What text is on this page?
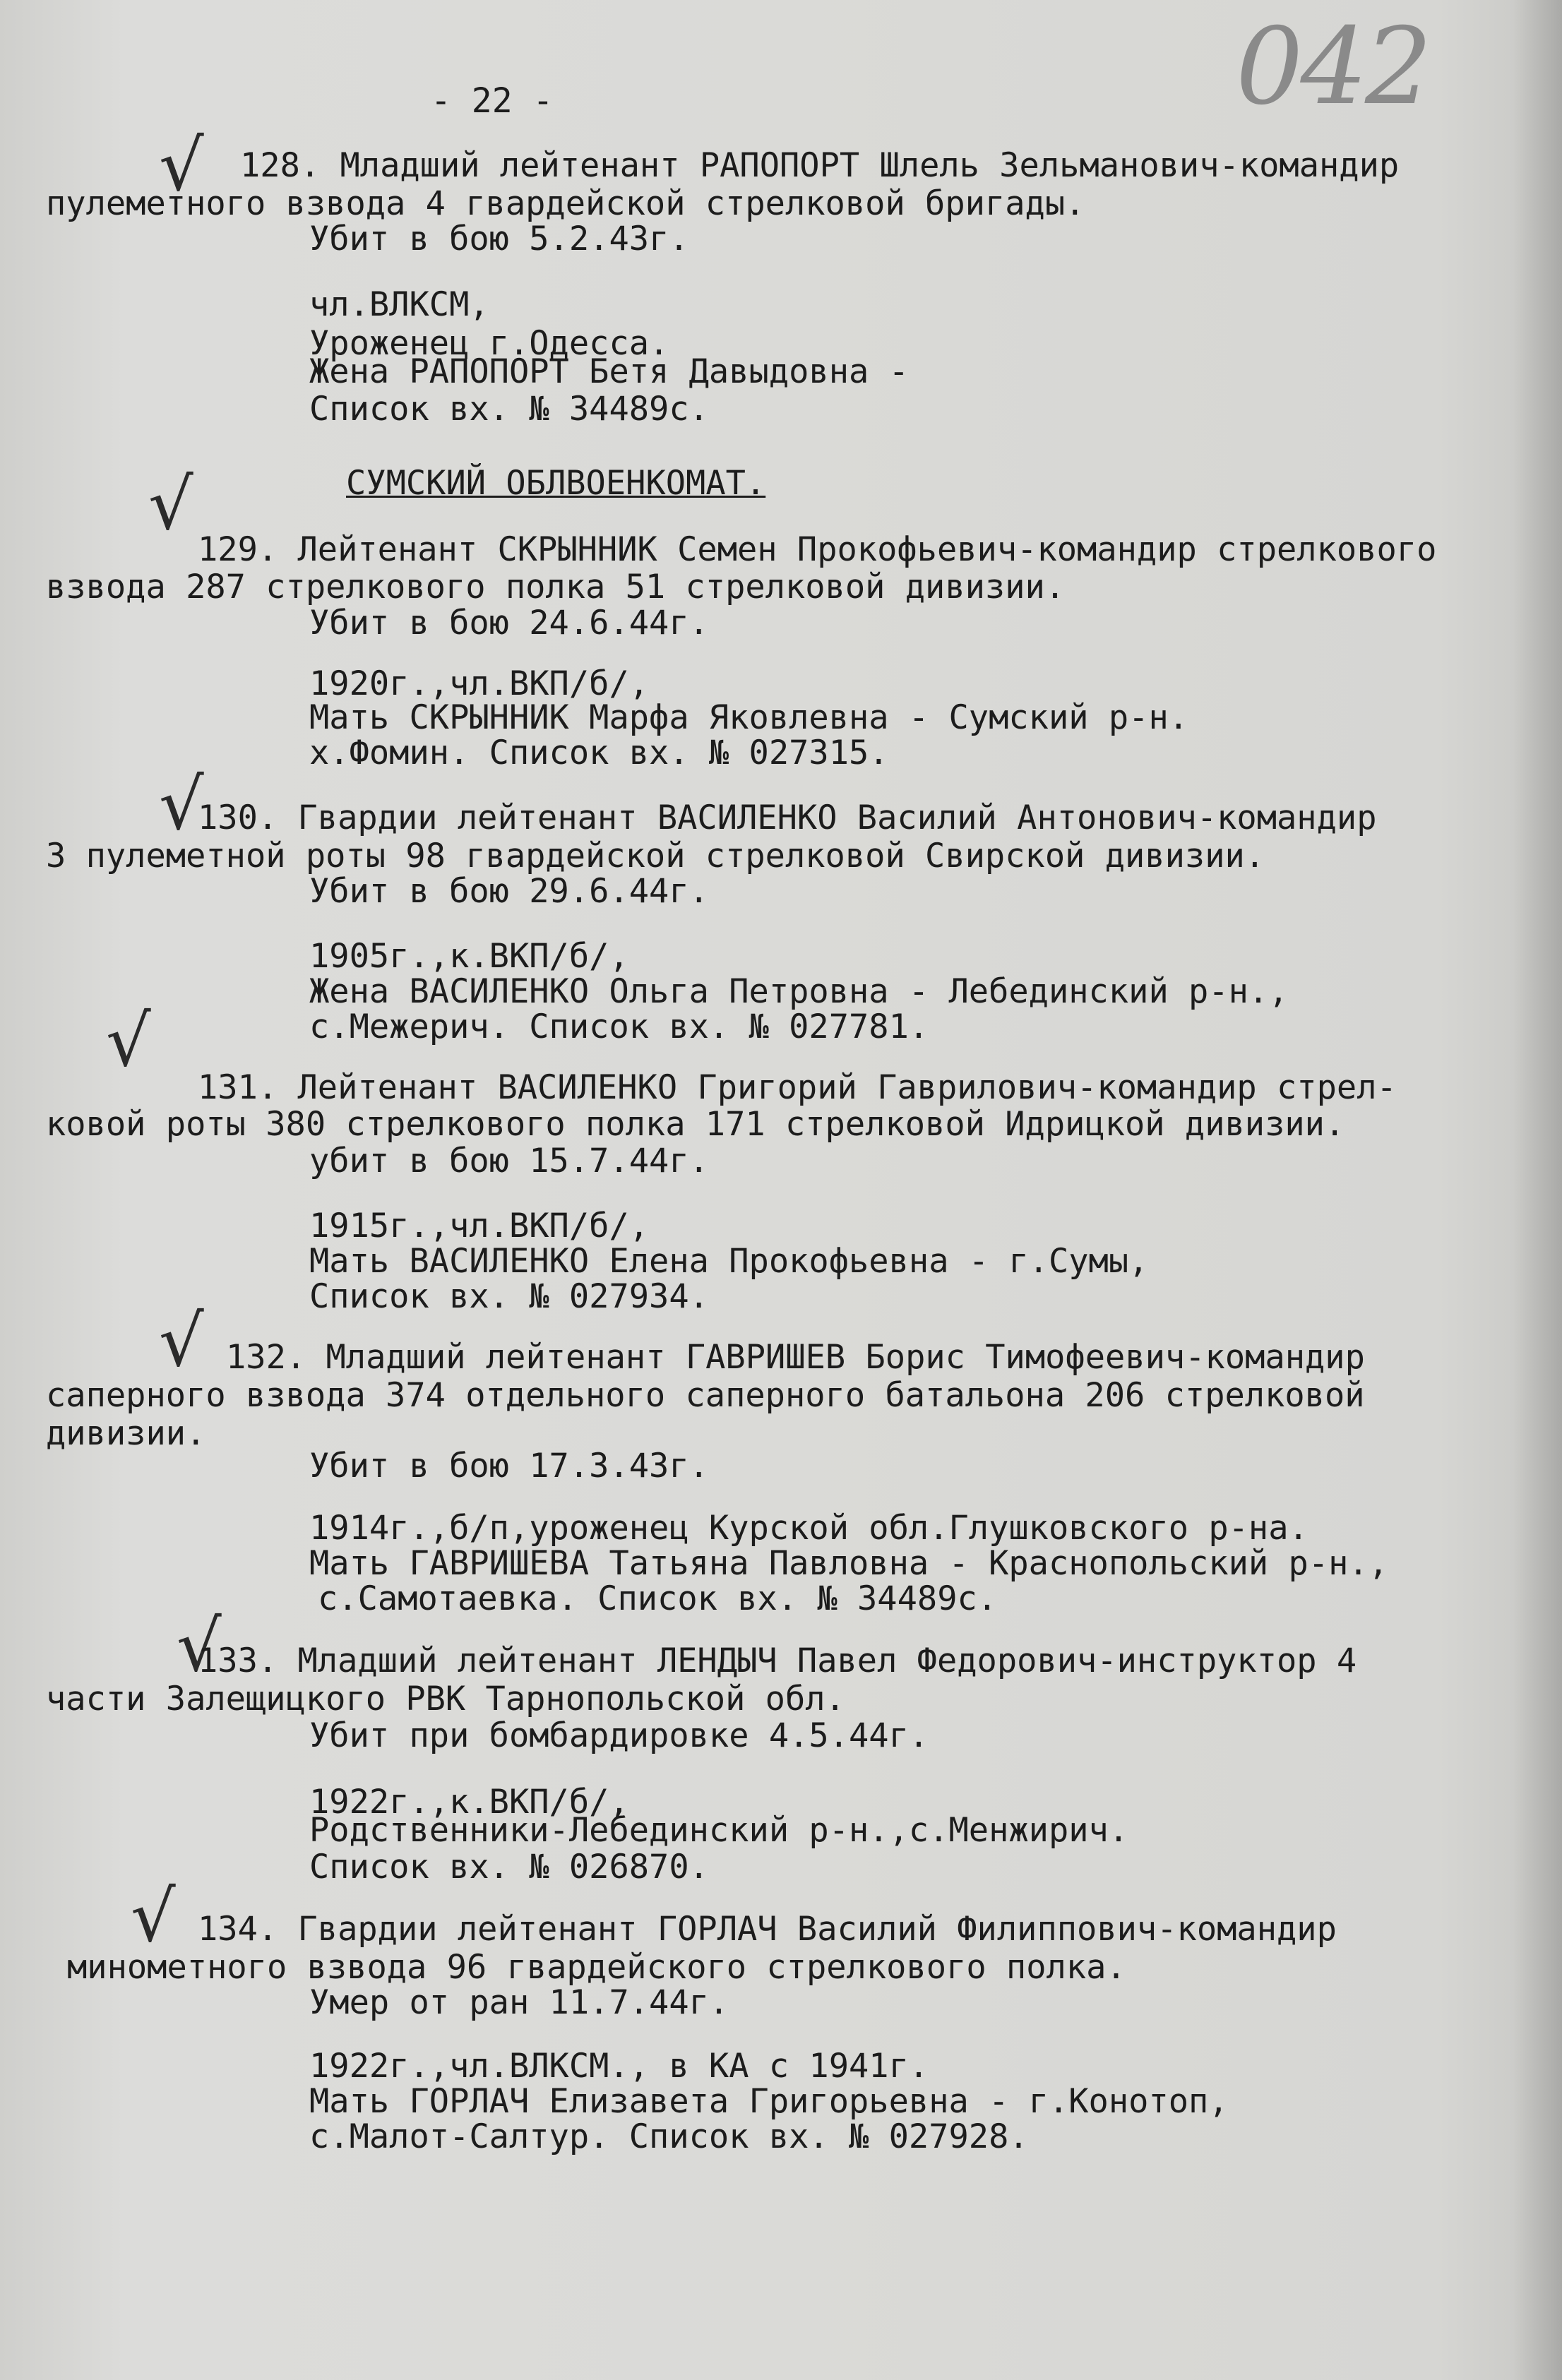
042
- 22 -
√
√
√
√
√
√
√
128. Младший лейтенант РАПОПОРТ Шлель Зельманович-командир
пулеметного взвода 4 гвардейской стрелковой бригады.
Убит в бою 5.2.43г.
чл.ВЛКСМ,
Уроженец г.Одесса.
Жена РАПОПОРТ Бетя Давыдовна -
Список вх. № 34489с.
СУМСКИЙ ОБЛВОЕНКОМАТ.
129. Лейтенант СКРЫННИК Семен Прокофьевич-командир стрелкового
взвода 287 стрелкового полка 51 стрелковой дивизии.
Убит в бою 24.6.44г.
1920г.,чл.ВКП/б/,
Мать СКРЫННИК Марфа Яковлевна - Сумский р-н.
х.Фомин. Список вх. № 027315.
130. Гвардии лейтенант ВАСИЛЕНКО Василий Антонович-командир
3 пулеметной роты 98 гвардейской стрелковой Свирской дивизии.
Убит в бою 29.6.44г.
1905г.,к.ВКП/б/,
Жена ВАСИЛЕНКО Ольга Петровна - Лебединский р-н.,
с.Межерич. Список вх. № 027781.
131. Лейтенант ВАСИЛЕНКО Григорий Гаврилович-командир стрел-
ковой роты 380 стрелкового полка 171 стрелковой Идрицкой дивизии.
убит в бою 15.7.44г.
1915г.,чл.ВКП/б/,
Мать ВАСИЛЕНКО Елена Прокофьевна - г.Сумы,
Список вх. № 027934.
132. Младший лейтенант ГАВРИШЕВ Борис Тимофеевич-командир
саперного взвода 374 отдельного саперного батальона 206 стрелковой
дивизии.
Убит в бою 17.3.43г.
1914г.,б/п,уроженец Курской обл.Глушковского р-на.
Мать ГАВРИШЕВА Татьяна Павловна - Краснопольский р-н.,
с.Самотаевка. Список вх. № 34489с.
133. Младший лейтенант ЛЕНДЫЧ Павел Федорович-инструктор 4
части Залещицкого РВК Тарнопольской обл.
Убит при бомбардировке 4.5.44г.
1922г.,к.ВКП/б/,
Родственники-Лебединский р-н.,с.Менжирич.
Список вх. № 026870.
134. Гвардии лейтенант ГОРЛАЧ Василий Филиппович-командир
минометного взвода 96 гвардейского стрелкового полка.
Умер от ран 11.7.44г.
1922г.,чл.ВЛКСМ., в КА с 1941г.
Мать ГОРЛАЧ Елизавета Григорьевна - г.Конотоп,
с.Малот-Салтур. Список вх. № 027928.
